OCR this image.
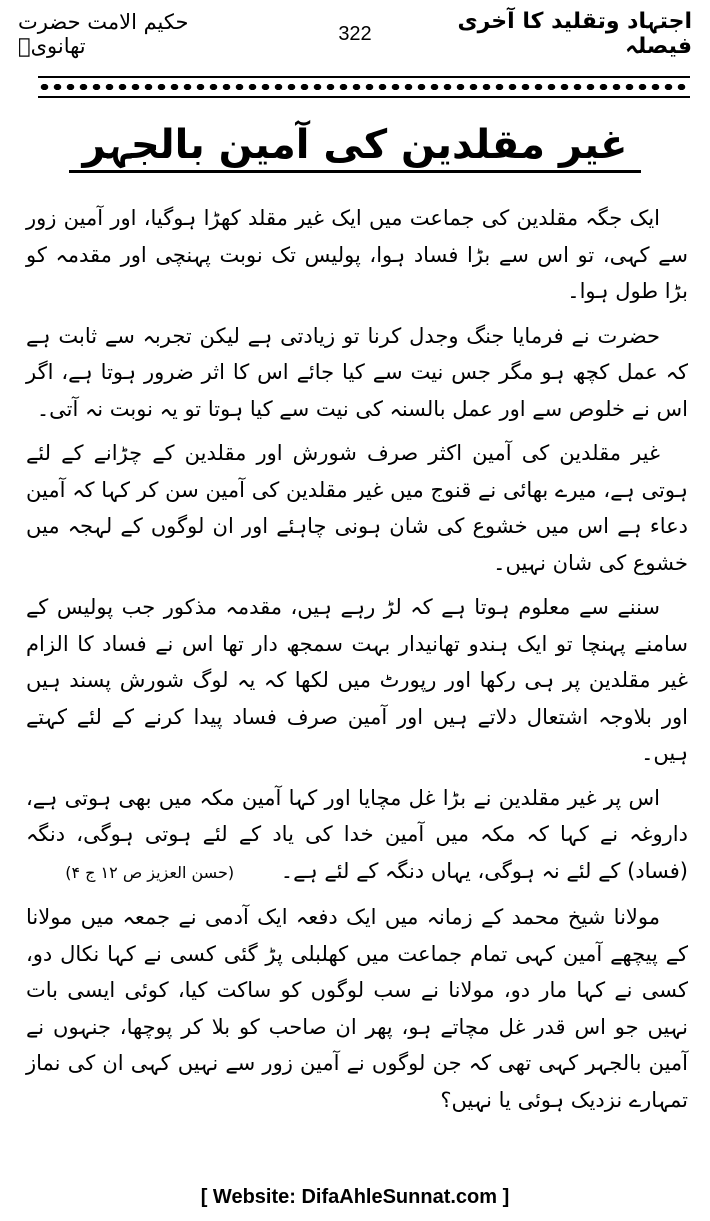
اجتہاد وتقلید کا آخری فیصلہ
322
حکیم الامت حضرت تھانویؒ
غیر مقلدین کی آمین بالجہر

ایک جگہ مقلدین کی جماعت میں ایک غیر مقلد کھڑا ہوگیا، اور آمین زور سے کہی، تو اس سے بڑا فساد ہوا، پولیس تک نوبت پہنچی اور مقدمہ کو بڑا طول ہوا۔

حضرت نے فرمایا جنگ وجدل کرنا تو زیادتی ہے لیکن تجربہ سے ثابت ہے کہ عمل کچھ ہو مگر جس نیت سے کیا جائے اس کا اثر ضرور ہوتا ہے، اگر اس نے خلوص سے اور عمل بالسنہ کی نیت سے کیا ہوتا تو یہ نوبت نہ آتی۔

غیر مقلدین کی آمین اکثر صرف شورش اور مقلدین کے چڑانے کے لئے ہوتی ہے، میرے بھائی نے قنوج میں غیر مقلدین کی آمین سن کر کہا کہ آمین دعاء ہے اس میں خشوع کی شان ہونی چاہئے اور ان لوگوں کے لہجہ میں خشوع کی شان نہیں۔

سننے سے معلوم ہوتا ہے کہ لڑ رہے ہیں، مقدمہ مذکور جب پولیس کے سامنے پہنچا تو ایک ہندو تھانیدار بہت سمجھ دار تھا اس نے فساد کا الزام غیر مقلدین پر ہی رکھا اور رپورٹ میں لکھا کہ یہ لوگ شورش پسند ہیں اور بلاوجہ اشتعال دلاتے ہیں اور آمین صرف فساد پیدا کرنے کے لئے کہتے ہیں۔

اس پر غیر مقلدین نے بڑا غل مچایا اور کہا آمین مکہ میں بھی ہوتی ہے، داروغہ نے کہا کہ مکہ میں آمین خدا کی یاد کے لئے ہوتی ہوگی، دنگہ (فساد) کے لئے نہ ہوگی، یہاں دنگہ کے لئے ہے۔ (حسن العزیز ص ۱۲ ج ۴)

مولانا شیخ محمد کے زمانہ میں ایک دفعہ ایک آدمی نے جمعہ میں مولانا کے پیچھے آمین کہی تمام جماعت میں کھلبلی پڑ گئی کسی نے کہا نکال دو، کسی نے کہا مار دو، مولانا نے سب لوگوں کو ساکت کیا، کوئی ایسی بات نہیں جو اس قدر غل مچاتے ہو، پھر ان صاحب کو بلا کر پوچھا، جنہوں نے آمین بالجہر کہی تھی کہ جن لوگوں نے آمین زور سے نہیں کہی ان کی نماز تمہارے نزدیک ہوئی یا نہیں؟

[ Website: DifaAhleSunnat.com ]
